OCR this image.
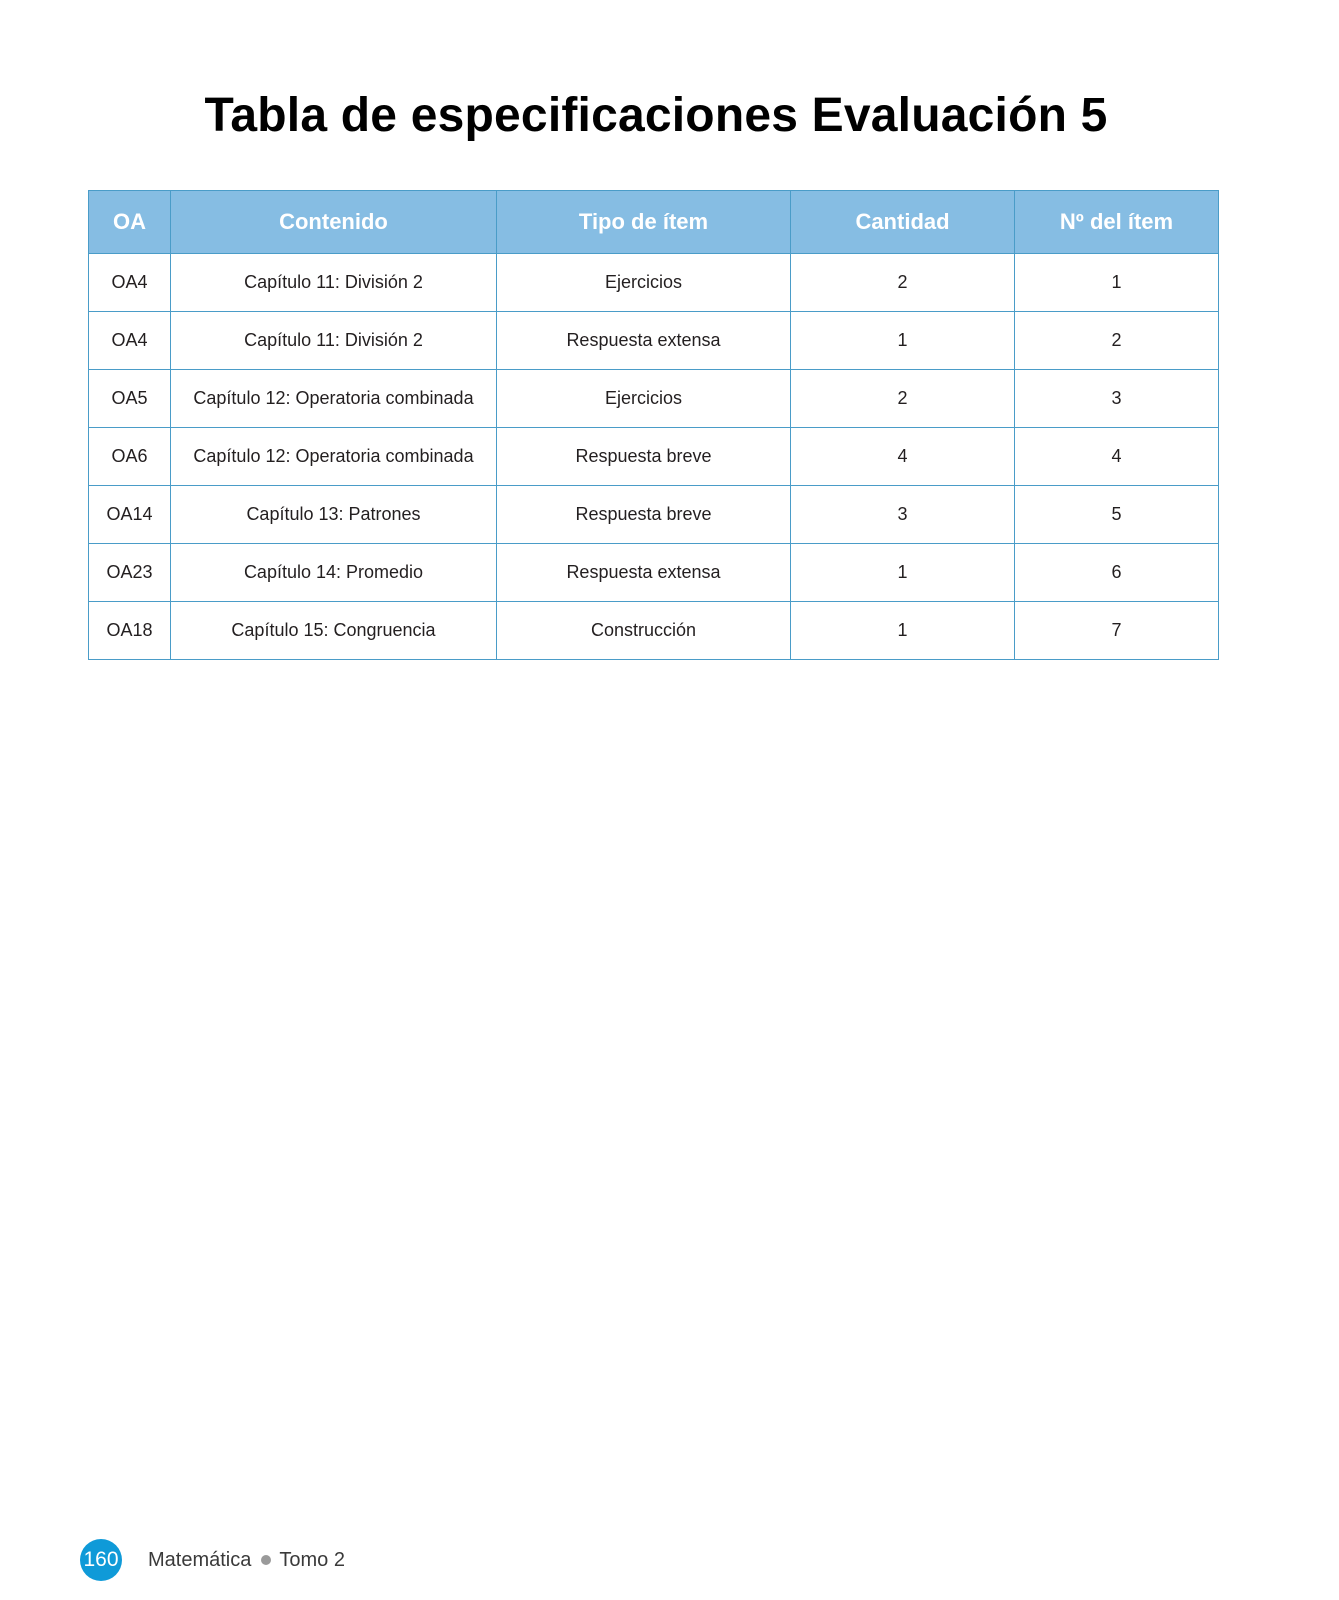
Tabla de especificaciones Evaluación 5
OA	Contenido	Tipo de ítem	Cantidad	Nº del ítem
OA4	Capítulo 11: División 2	Ejercicios	2	1
OA4	Capítulo 11: División 2	Respuesta extensa	1	2
OA5	Capítulo 12: Operatoria combinada	Ejercicios	2	3
OA6	Capítulo 12: Operatoria combinada	Respuesta breve	4	4
OA14	Capítulo 13: Patrones	Respuesta breve	3	5
OA23	Capítulo 14: Promedio	Respuesta extensa	1	6
OA18	Capítulo 15: Congruencia	Construcción	1	7
160 Matemática Tomo 2
